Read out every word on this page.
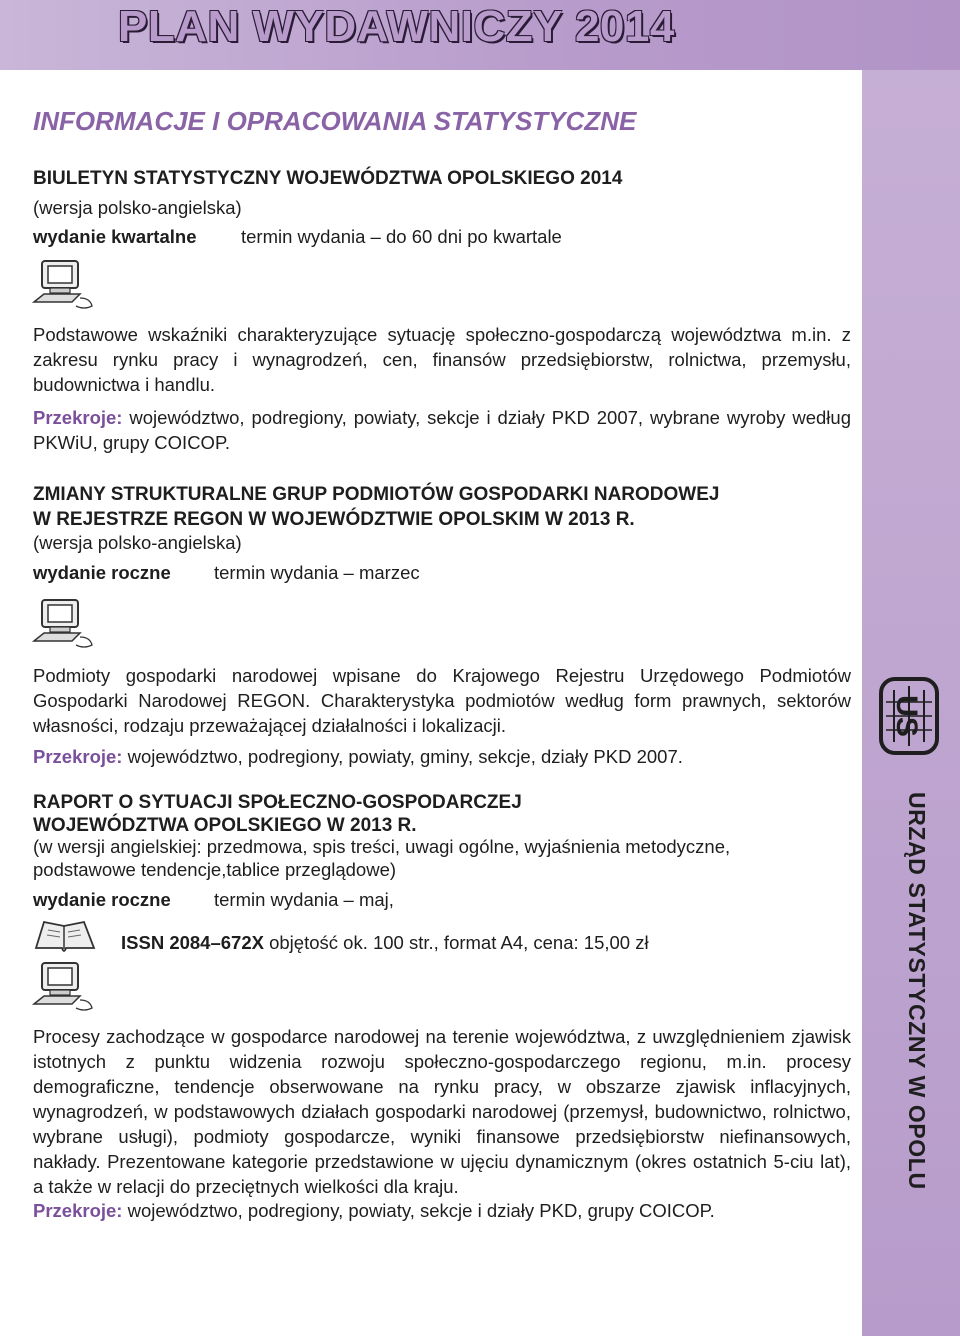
PLAN WYDAWNICZY 2014
US
URZĄD STATYSTYCZNY W OPOLU
INFORMACJE I OPRACOWANIA STATYSTYCZNE
BIULETYN STATYSTYCZNY WOJEWÓDZTWA OPOLSKIEGO 2014
(wersja polsko-angielska)
wydanie kwartalne termin wydania – do 60 dni po kwartale

Podstawowe wskaźniki charakteryzujące sytuację społeczno-gospodarczą województwa m.in. z zakresu rynku pracy i wynagrodzeń, cen, finansów przedsiębiorstw, rolnictwa, przemysłu, budownictwa i handlu.

Przekroje: województwo, podregiony, powiaty, sekcje i działy PKD 2007, wybrane wyroby według PKWiU, grupy COICOP.

ZMIANY STRUKTURALNE GRUP PODMIOTÓW GOSPODARKI NARODOWEJ
W REJESTRZE REGON W WOJEWÓDZTWIE OPOLSKIM W 2013 R.
(wersja polsko-angielska)
wydanie roczne termin wydania – marzec

Podmioty gospodarki narodowej wpisane do Krajowego Rejestru Urzędowego Podmiotów Gospodarki Narodowej REGON. Charakterystyka podmiotów według form prawnych, sektorów własności, rodzaju przeważającej działalności i lokalizacji.

Przekroje: województwo, podregiony, powiaty, gminy, sekcje, działy PKD 2007.

RAPORT O SYTUACJI SPOŁECZNO-GOSPODARCZEJ
WOJEWÓDZTWA OPOLSKIEGO W 2013 R.
(w wersji angielskiej: przedmowa, spis treści, uwagi ogólne, wyjaśnienia metodyczne,
podstawowe tendencje,tablice przeglądowe)
wydanie roczne termin wydania – maj,
ISSN 2084–672X objętość ok. 100 str., format A4, cena: 15,00 zł

Procesy zachodzące w gospodarce narodowej na terenie województwa, z uwzględnieniem zjawisk istotnych z punktu widzenia rozwoju społeczno-gospodarczego regionu, m.in. procesy demograficzne, tendencje obserwowane na rynku pracy, w obszarze zjawisk inflacyjnych, wynagrodzeń, w podstawowych działach gospodarki narodowej (przemysł, budownictwo, rolnictwo, wybrane usługi), podmioty gospodarcze, wyniki finansowe przedsiębiorstw niefinansowych, nakłady. Prezentowane kategorie przedstawione w ujęciu dynamicznym (okres ostatnich 5-ciu lat), a także w relacji do przeciętnych wielkości dla kraju.

Przekroje: województwo, podregiony, powiaty, sekcje i działy PKD, grupy COICOP.
